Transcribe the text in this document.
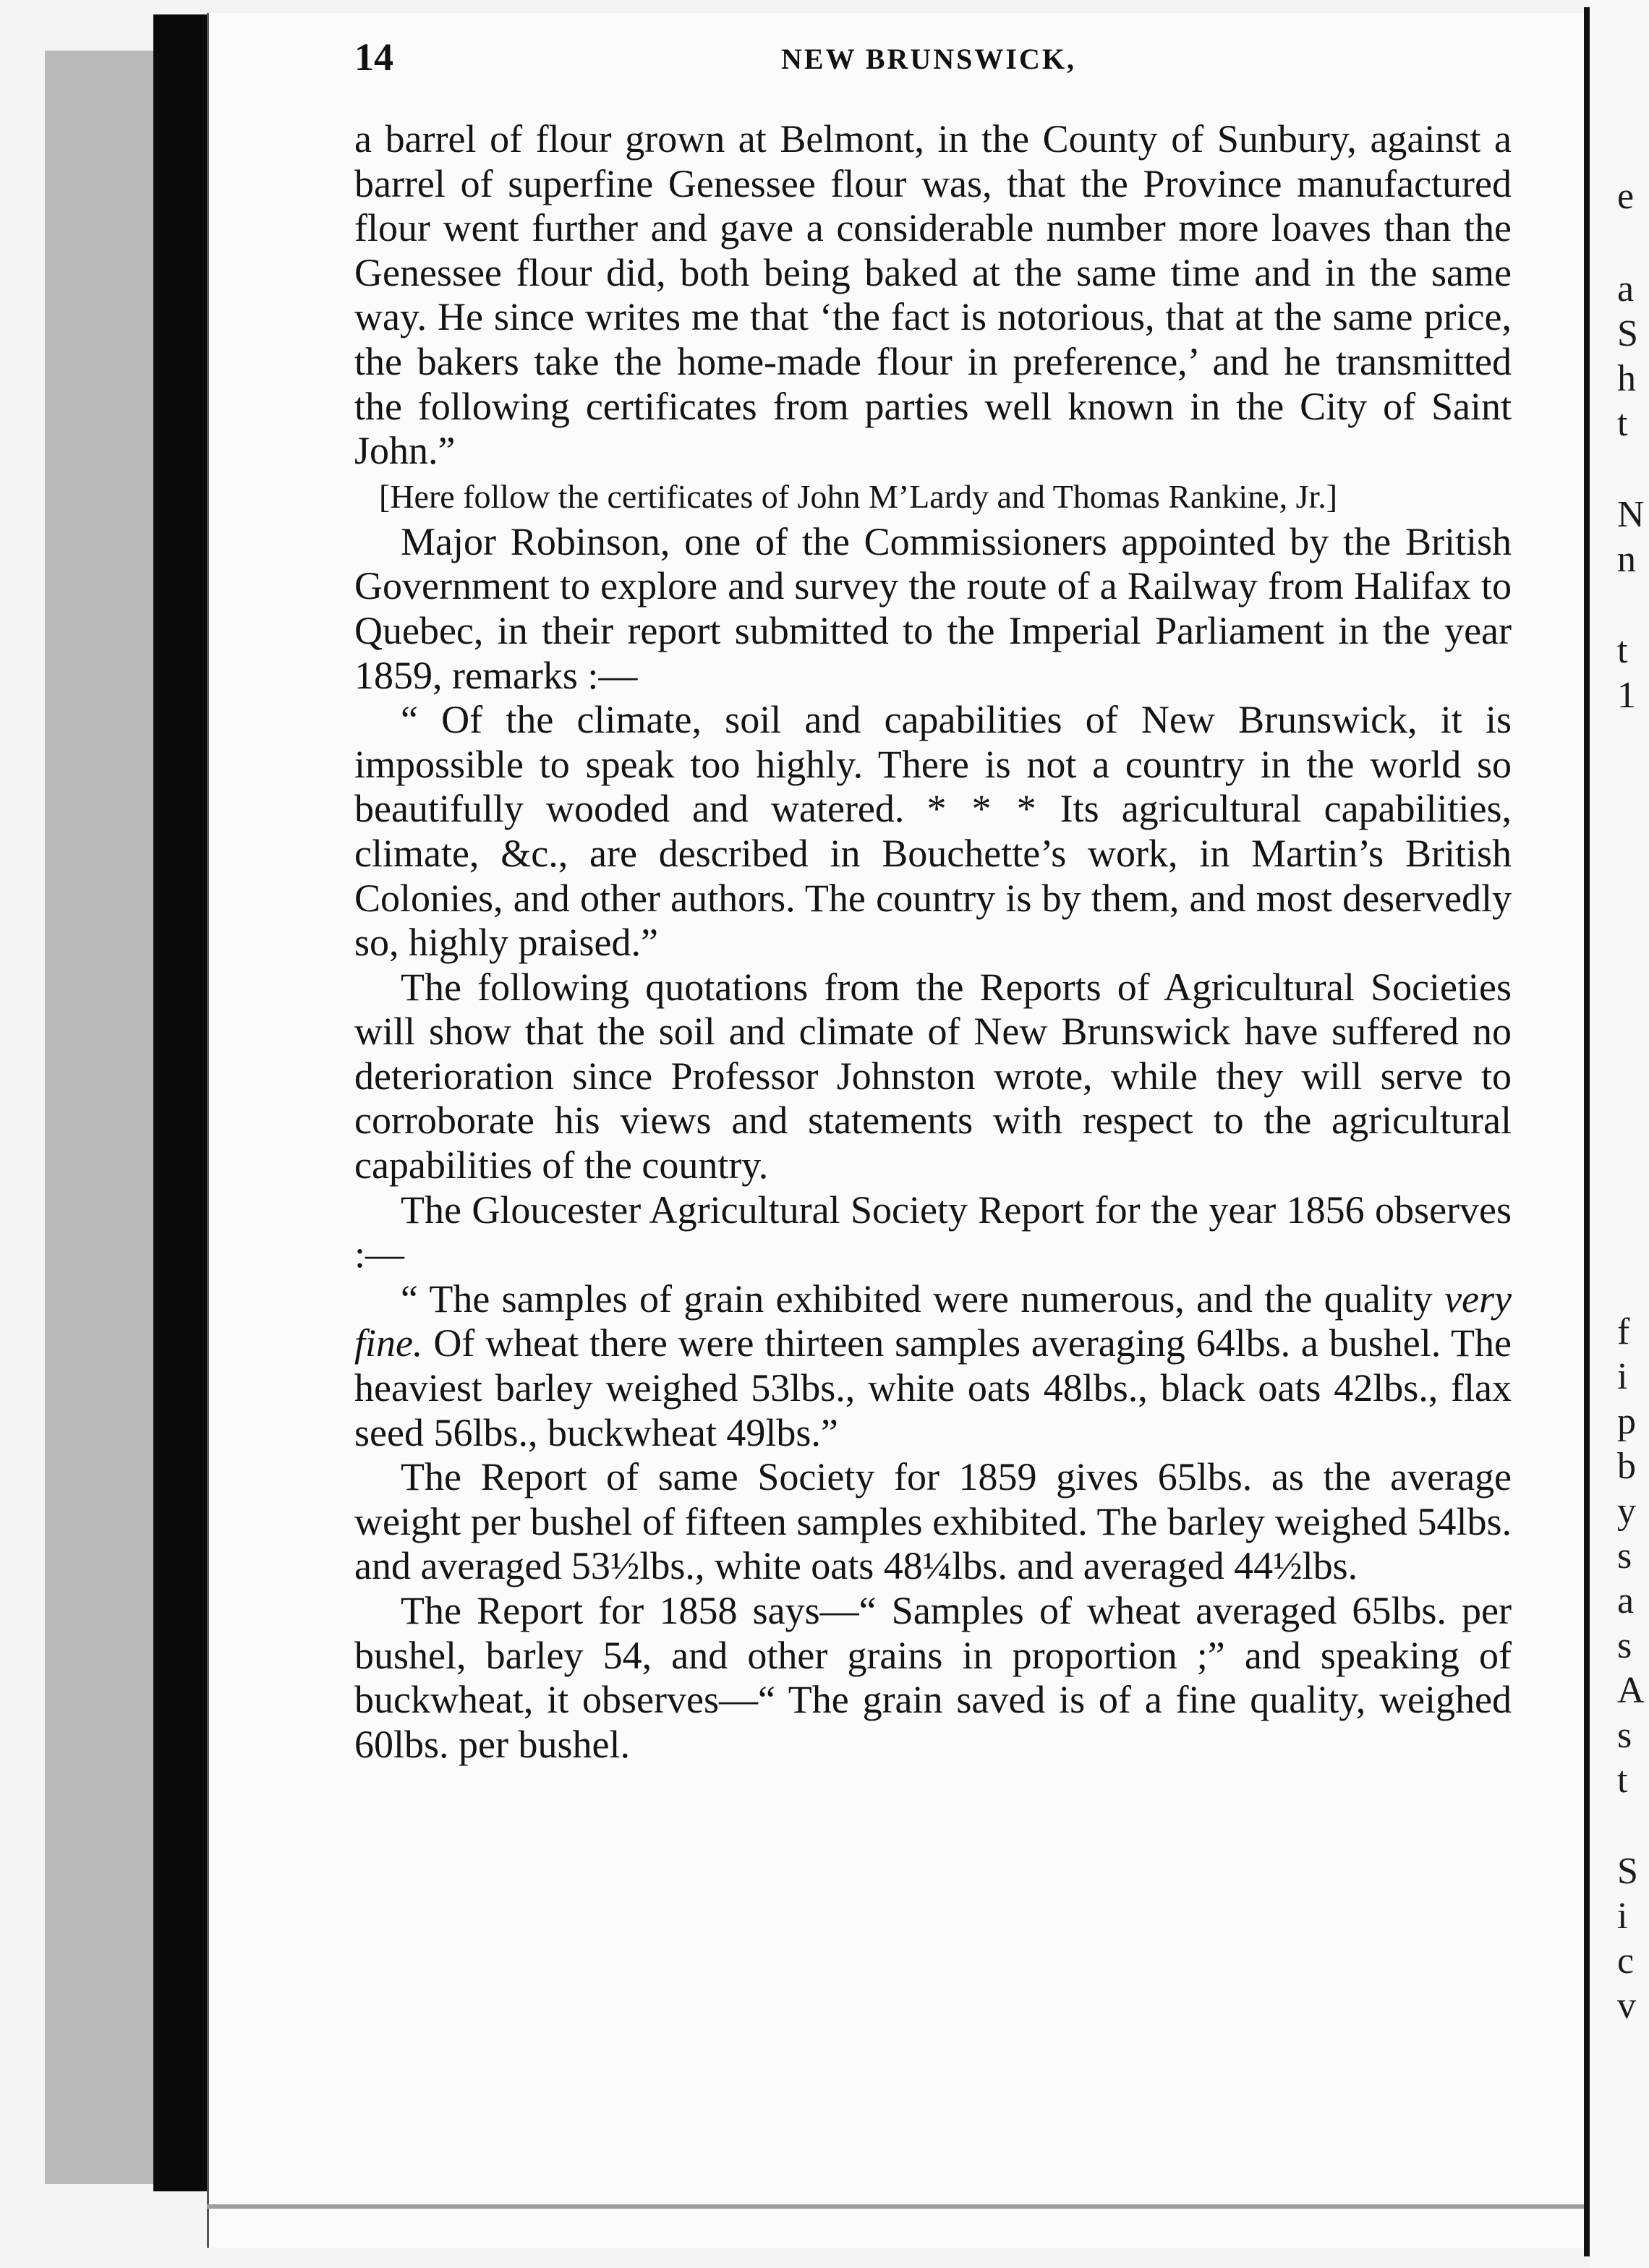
e
a
S
h
t
N
n
t
1
f
i
p
b
y
s
a
s
A
s
t
S
i
c
v
14	NEW BRUNSWICK,

a barrel of flour grown at Belmont, in the County of Sunbury, against a barrel of superfine Genessee flour was, that the Province manufactured flour went further and gave a considerable number more loaves than the Genessee flour did, both being baked at the same time and in the same way. He since writes me that ‘the fact is notorious, that at the same price, the bakers take the home-made flour in preference,’ and he transmitted the following certificates from parties well known in the City of Saint John.”

[Here follow the certificates of John M’Lardy and Thomas Rankine, Jr.]

Major Robinson, one of the Commissioners appointed by the British Government to explore and survey the route of a Railway from Halifax to Quebec, in their report submitted to the Imperial Parliament in the year 1859, remarks :—

“ Of the climate, soil and capabilities of New Brunswick, it is impossible to speak too highly. There is not a country in the world so beautifully wooded and watered. * * * Its agricultural capabilities, climate, &c., are described in Bouchette’s work, in Martin’s British Colonies, and other authors. The country is by them, and most deservedly so, highly praised.”

The following quotations from the Reports of Agricultural Societies will show that the soil and climate of New Brunswick have suffered no deterioration since Professor Johnston wrote, while they will serve to corroborate his views and statements with respect to the agricultural capabilities of the country.

The Gloucester Agricultural Society Report for the year 1856 observes :—

“ The samples of grain exhibited were numerous, and the quality very fine. Of wheat there were thirteen samples averaging 64lbs. a bushel. The heaviest barley weighed 53lbs., white oats 48lbs., black oats 42lbs., flax seed 56lbs., buckwheat 49lbs.”

The Report of same Society for 1859 gives 65lbs. as the average weight per bushel of fifteen samples exhibited. The barley weighed 54lbs. and averaged 53½lbs., white oats 48¼lbs. and averaged 44½lbs.

The Report for 1858 says—“ Samples of wheat averaged 65lbs. per bushel, barley 54, and other grains in proportion ;” and speaking of buckwheat, it observes—“ The grain saved is of a fine quality, weighed 60lbs. per bushel.
